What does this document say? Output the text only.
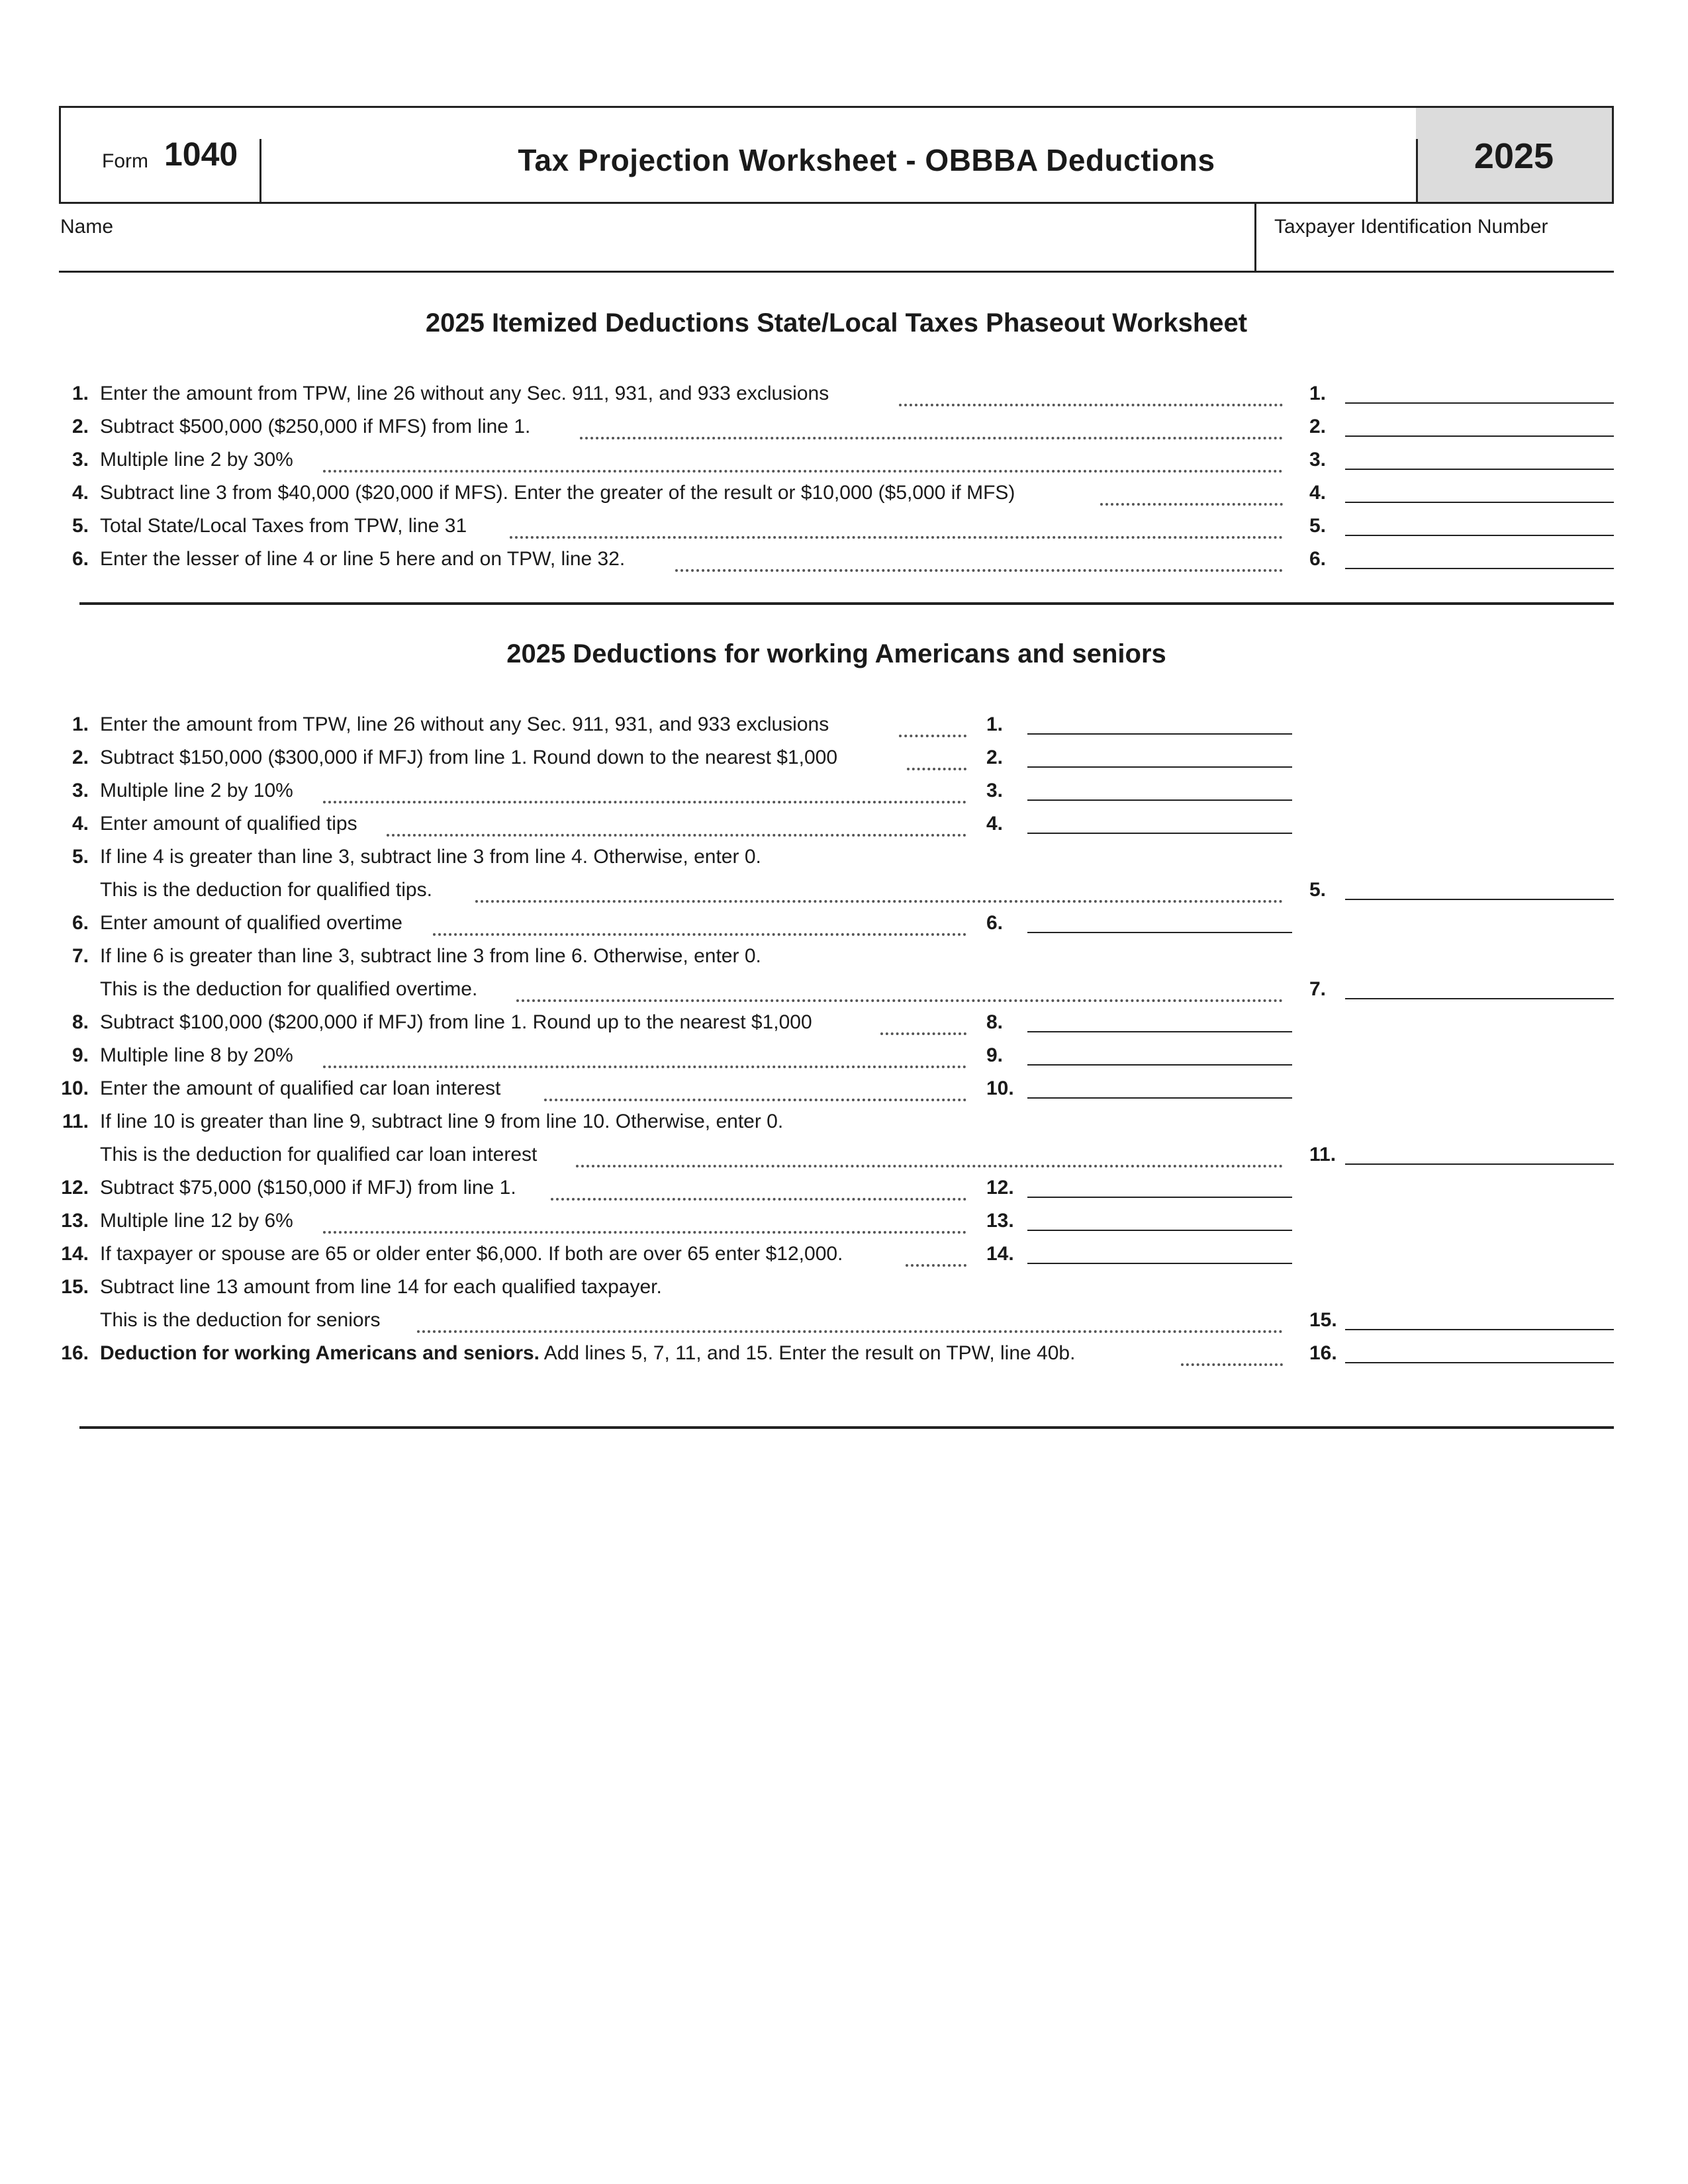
Form 1040	Tax Projection Worksheet - OBBBA Deductions	2025
Name	Taxpayer Identification Number
2025 Itemized Deductions State/Local Taxes Phaseout Worksheet
1. Enter the amount from TPW, line 26 without any Sec. 911, 931, and 933 exclusions	1.
2. Subtract $500,000 ($250,000 if MFS) from line 1.	2.
3. Multiple line 2 by 30%	3.
4. Subtract line 3 from $40,000 ($20,000 if MFS). Enter the greater of the result or $10,000 ($5,000 if MFS)	4.
5. Total State/Local Taxes from TPW, line 31	5.
6. Enter the lesser of line 4 or line 5 here and on TPW, line 32.	6.
2025 Deductions for working Americans and seniors
1. Enter the amount from TPW, line 26 without any Sec. 911, 931, and 933 exclusions	1.
2. Subtract $150,000 ($300,000 if MFJ) from line 1. Round down to the nearest $1,000	2.
3. Multiple line 2 by 10%	3.
4. Enter amount of qualified tips	4.
5. If line 4 is greater than line 3, subtract line 3 from line 4. Otherwise, enter 0.
This is the deduction for qualified tips.	5.
6. Enter amount of qualified overtime	6.
7. If line 6 is greater than line 3, subtract line 3 from line 6. Otherwise, enter 0.
This is the deduction for qualified overtime.	7.
8. Subtract $100,000 ($200,000 if MFJ) from line 1. Round up to the nearest $1,000	8.
9. Multiple line 8 by 20%	9.
10. Enter the amount of qualified car loan interest	10.
11. If line 10 is greater than line 9, subtract line 9 from line 10. Otherwise, enter 0.
This is the deduction for qualified car loan interest	11.
12. Subtract $75,000 ($150,000 if MFJ) from line 1.	12.
13. Multiple line 12 by 6%	13.
14. If taxpayer or spouse are 65 or older enter $6,000. If both are over 65 enter $12,000.	14.
15. Subtract line 13 amount from line 14 for each qualified taxpayer.
This is the deduction for seniors	15.
16. Deduction for working Americans and seniors. Add lines 5, 7, 11, and 15. Enter the result on TPW, line 40b.	16.
